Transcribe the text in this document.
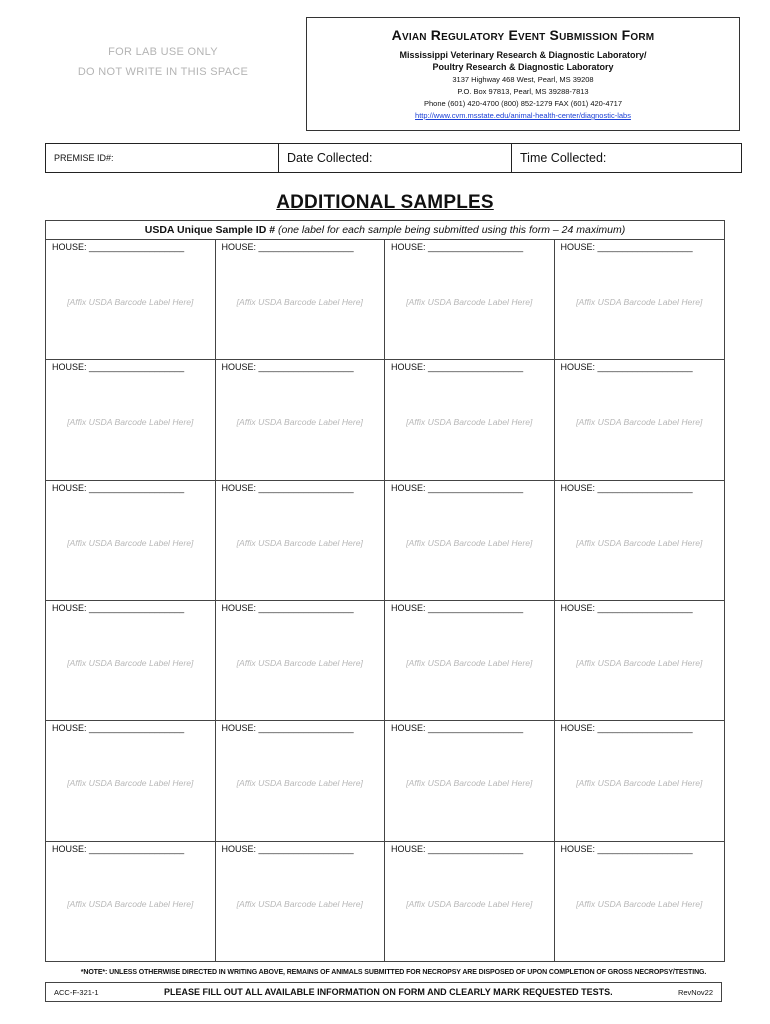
FOR LAB USE ONLY
DO NOT WRITE IN THIS SPACE
Avian Regulatory Event Submission Form
Mississippi Veterinary Research & Diagnostic Laboratory/
Poultry Research & Diagnostic Laboratory
3137 Highway 468 West, Pearl, MS 39208
P.O. Box 97813, Pearl, MS 39288-7813
Phone (601) 420-4700 (800) 852-1279 FAX (601) 420-4717
http://www.cvm.msstate.edu/animal-health-center/diagnostic-labs
PREMISE ID#:	Date Collected:	Time Collected:
ADDITIONAL SAMPLES
USDA Unique Sample ID # (one label for each sample being submitted using this form – 24 maximum)
HOUSE: ___________________
[Affix USDA Barcode Label Here]
HOUSE: ___________________
[Affix USDA Barcode Label Here]
HOUSE: ___________________
[Affix USDA Barcode Label Here]
HOUSE: ___________________
[Affix USDA Barcode Label Here]
HOUSE: ___________________
[Affix USDA Barcode Label Here]
HOUSE: ___________________
[Affix USDA Barcode Label Here]
HOUSE: ___________________
[Affix USDA Barcode Label Here]
HOUSE: ___________________
[Affix USDA Barcode Label Here]
HOUSE: ___________________
[Affix USDA Barcode Label Here]
HOUSE: ___________________
[Affix USDA Barcode Label Here]
HOUSE: ___________________
[Affix USDA Barcode Label Here]
HOUSE: ___________________
[Affix USDA Barcode Label Here]
HOUSE: ___________________
[Affix USDA Barcode Label Here]
HOUSE: ___________________
[Affix USDA Barcode Label Here]
HOUSE: ___________________
[Affix USDA Barcode Label Here]
HOUSE: ___________________
[Affix USDA Barcode Label Here]
HOUSE: ___________________
[Affix USDA Barcode Label Here]
HOUSE: ___________________
[Affix USDA Barcode Label Here]
HOUSE: ___________________
[Affix USDA Barcode Label Here]
HOUSE: ___________________
[Affix USDA Barcode Label Here]
HOUSE: ___________________
[Affix USDA Barcode Label Here]
HOUSE: ___________________
[Affix USDA Barcode Label Here]
HOUSE: ___________________
[Affix USDA Barcode Label Here]
HOUSE: ___________________
[Affix USDA Barcode Label Here]
*NOTE*: UNLESS OTHERWISE DIRECTED IN WRITING ABOVE, REMAINS OF ANIMALS SUBMITTED FOR NECROPSY ARE DISPOSED OF UPON COMPLETION OF GROSS NECROPSY/TESTING.
ACC-F-321-1	PLEASE FILL OUT ALL AVAILABLE INFORMATION ON FORM AND CLEARLY MARK REQUESTED TESTS.	RevNov22
